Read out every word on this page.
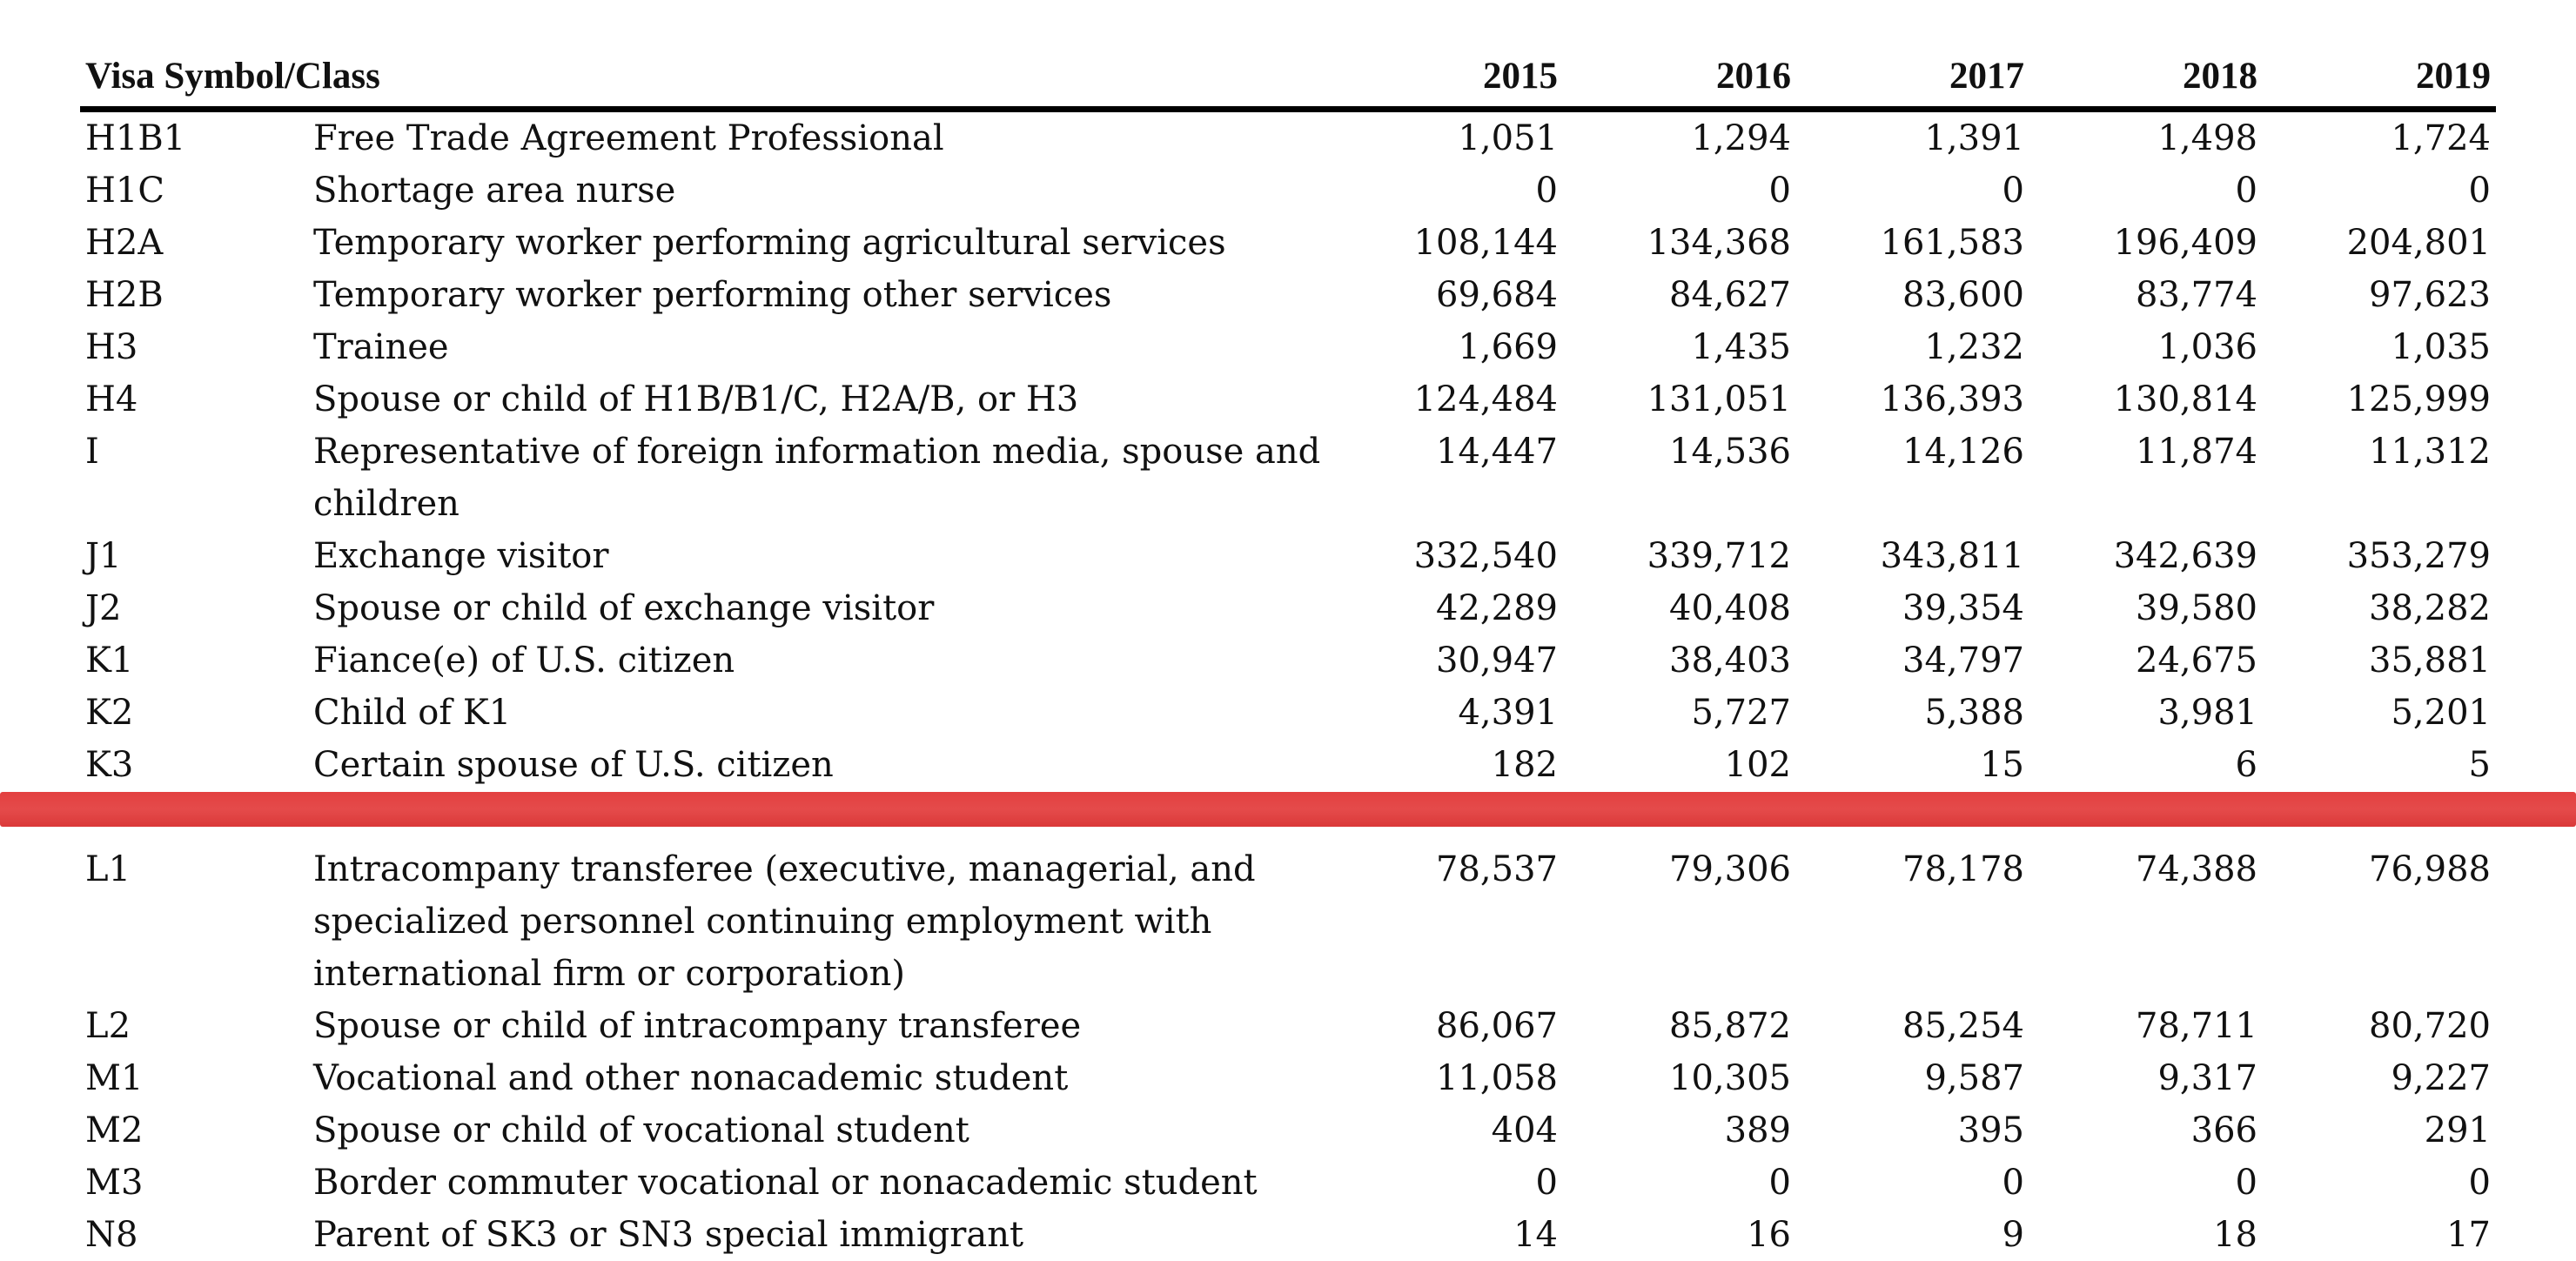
Visa Symbol/Class		2015	2016	2017	2018	2019
H1B1	Free Trade Agreement Professional	1,051	1,294	1,391	1,498	1,724
H1C	Shortage area nurse	0	0	0	0	0
H2A	Temporary worker performing agricultural services	108,144	134,368	161,583	196,409	204,801
H2B	Temporary worker performing other services	69,684	84,627	83,600	83,774	97,623
H3	Trainee	1,669	1,435	1,232	1,036	1,035
H4	Spouse or child of H1B/B1/C, H2A/B, or H3	124,484	131,051	136,393	130,814	125,999
I	Representative of foreign information media, spouse and children	14,447	14,536	14,126	11,874	11,312
J1	Exchange visitor	332,540	339,712	343,811	342,639	353,279
J2	Spouse or child of exchange visitor	42,289	40,408	39,354	39,580	38,282
K1	Fiance(e) of U.S. citizen	30,947	38,403	34,797	24,675	35,881
K2	Child of K1	4,391	5,727	5,388	3,981	5,201
K3	Certain spouse of U.S. citizen	182	102	15	6	5

L1	Intracompany transferee (executive, managerial, and specialized personnel continuing employment with international firm or corporation)	78,537	79,306	78,178	74,388	76,988
L2	Spouse or child of intracompany transferee	86,067	85,872	85,254	78,711	80,720
M1	Vocational and other nonacademic student	11,058	10,305	9,587	9,317	9,227
M2	Spouse or child of vocational student	404	389	395	366	291
M3	Border commuter vocational or nonacademic student	0	0	0	0	0
N8	Parent of SK3 or SN3 special immigrant	14	16	9	18	17
